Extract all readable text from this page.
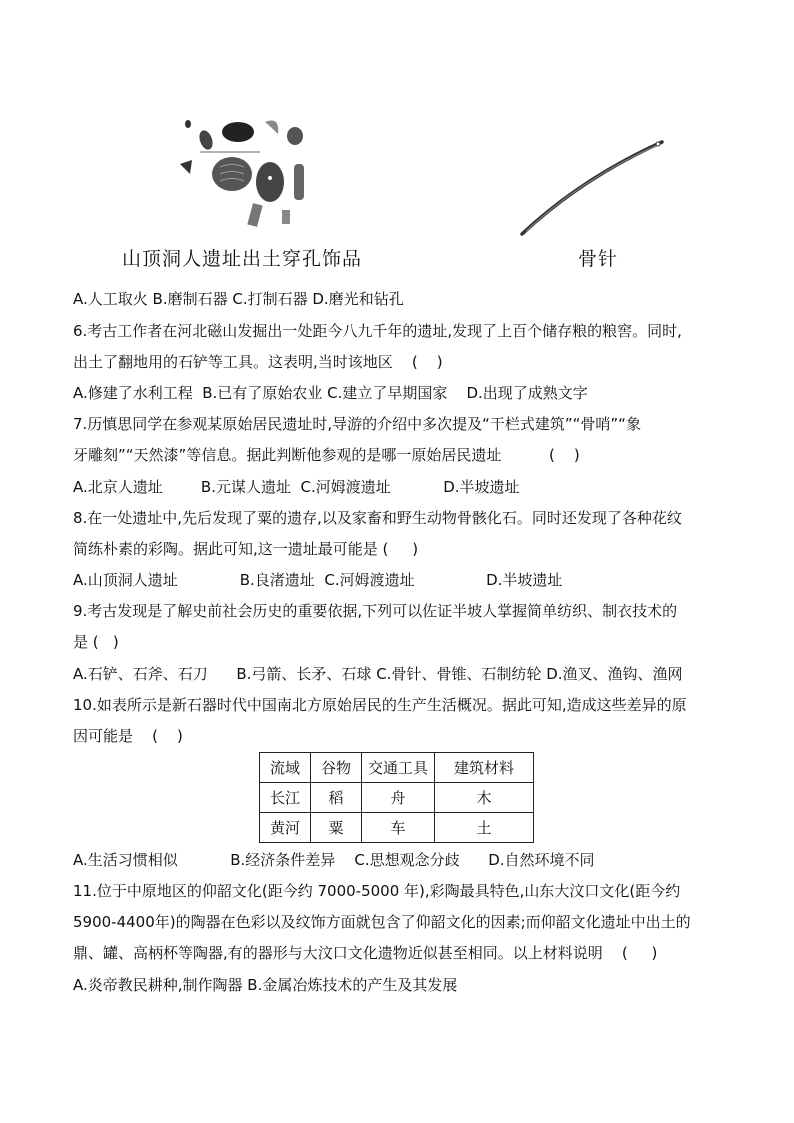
山顶洞人遗址出土穿孔饰品	骨针
A.人工取火 B.磨制石器 C.打制石器 D.磨光和钻孔
6.考古工作者在河北磁山发掘出一处距今八九千年的遗址,发现了上百个储存粮的粮窖。同时,
出土了翻地用的石铲等工具。这表明,当时该地区    (    )
A.修建了水利工程  B.已有了原始农业 C.建立了早期国家    D.出现了成熟文字
7.历慎思同学在参观某原始居民遗址时,导游的介绍中多次提及“干栏式建筑”“骨哨”“象
牙雕刻”“天然漆”等信息。据此判断他参观的是哪一原始居民遗址          (    )
A.北京人遗址        B.元谋人遗址  C.河姆渡遗址           D.半坡遗址
8.在一处遗址中,先后发现了粟的遗存,以及家畜和野生动物骨骸化石。同时还发现了各种花纹
简练朴素的彩陶。据此可知,这一遗址最可能是 (     )
A.山顶洞人遗址             B.良渚遗址  C.河姆渡遗址               D.半坡遗址
9.考古发现是了解史前社会历史的重要依据,下列可以佐证半坡人掌握简单纺织、制衣技术的
是 (   )
A.石铲、石斧、石刀      B.弓箭、长矛、石球 C.骨针、骨锥、石制纺轮 D.渔叉、渔钩、渔网
10.如表所示是新石器时代中国南北方原始居民的生产生活概况。据此可知,造成这些差异的原
因可能是    (    )
流域	谷物	交通工具	建筑材料
长江	稻	舟	木
黄河	粟	车	土
A.生活习惯相似           B.经济条件差异    C.思想观念分歧      D.自然环境不同
11.位于中原地区的仰韶文化(距今约 7000-5000 年),彩陶最具特色,山东大汶口文化(距今约
5900-4400年)的陶器在色彩以及纹饰方面就包含了仰韶文化的因素;而仰韶文化遗址中出土的
鼎、罐、高柄杯等陶器,有的器形与大汶口文化遗物近似甚至相同。以上材料说明    (     )
A.炎帝教民耕种,制作陶器 B.金属冶炼技术的产生及其发展
